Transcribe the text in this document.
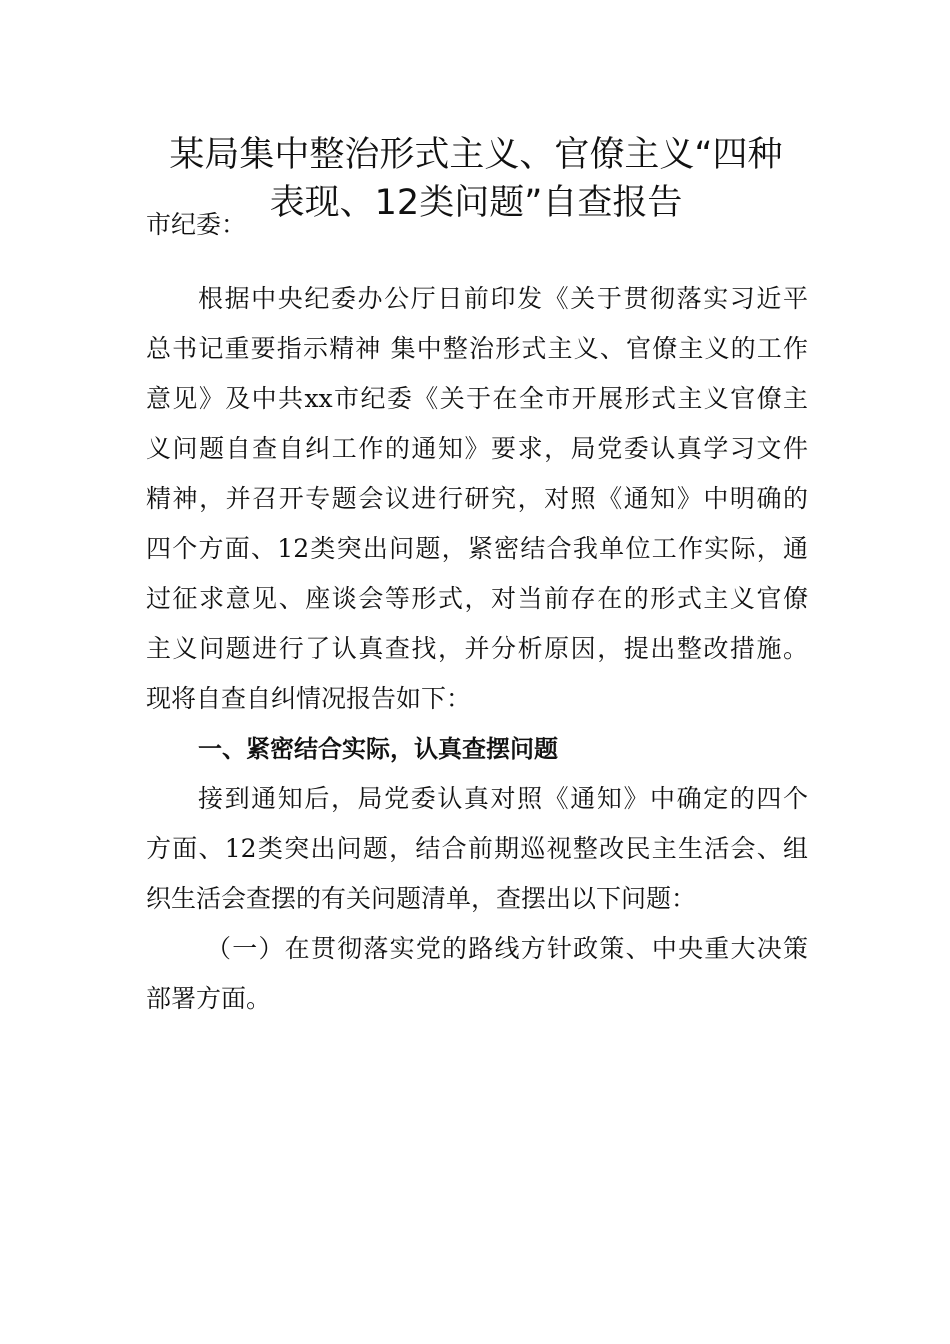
某局集中整治形式主义、官僚主义“四种
表现、12类问题”自查报告
市纪委：
根据中央纪委办公厅日前印发《关于贯彻落实习近平
总书记重要指示精神 集中整治形式主义、官僚主义的工作
意见》及中共xx市纪委《关于在全市开展形式主义官僚主
义问题自查自纠工作的通知》要求，局党委认真学习文件
精神，并召开专题会议进行研究，对照《通知》中明确的
四个方面、12类突出问题，紧密结合我单位工作实际，通
过征求意见、座谈会等形式，对当前存在的形式主义官僚
主义问题进行了认真查找，并分析原因，提出整改措施。
现将自查自纠情况报告如下：
一、紧密结合实际，认真查摆问题
接到通知后，局党委认真对照《通知》中确定的四个
方面、12类突出问题，结合前期巡视整改民主生活会、组
织生活会查摆的有关问题清单，查摆出以下问题：
（一）在贯彻落实党的路线方针政策、中央重大决策
部署方面。
